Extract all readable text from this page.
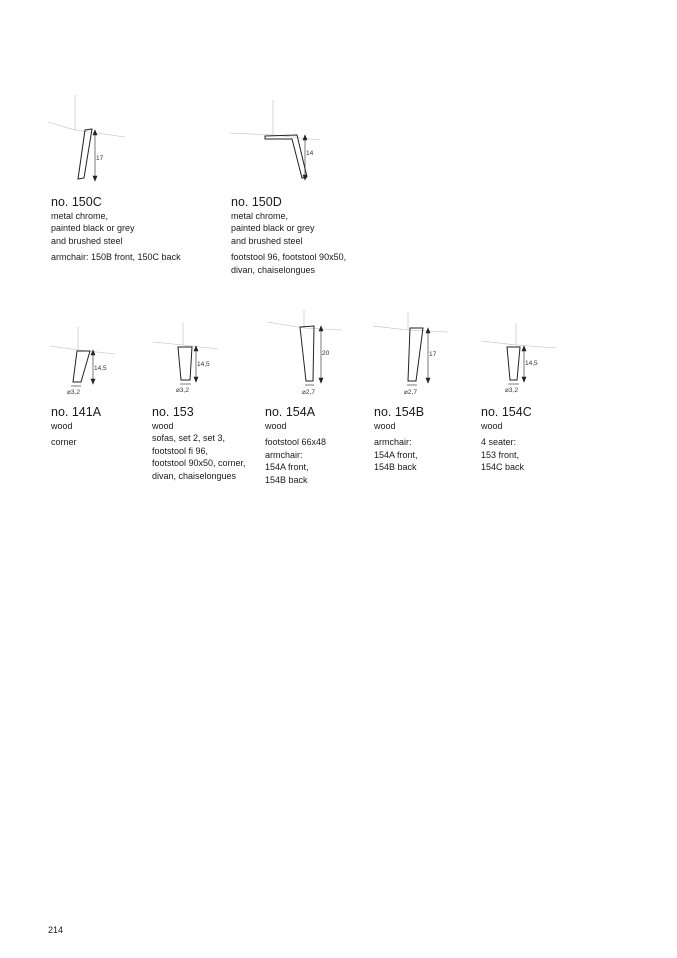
17
no. 150C
metal chrome,
painted black or grey
and brushed steel
armchair: 150B front, 150C back
14
no. 150D
metal chrome,
painted black or grey
and brushed steel
footstool 96, footstool 90x50,
divan, chaiselongues
14,5
⌀3,2
no. 141A
wood
corner
14,5
⌀3,2
no. 153
wood
sofas, set 2, set 3,
footstool fi 96,
footstool 90x50, corner,
divan, chaiselongues
20
⌀2,7
no. 154A
wood
footstool 66x48
armchair:
154A front,
154B back
17
⌀2,7
no. 154B
wood
armchair:
154A front,
154B back
14,5
⌀3,2
no. 154C
wood
4 seater:
153 front,
154C back
214
